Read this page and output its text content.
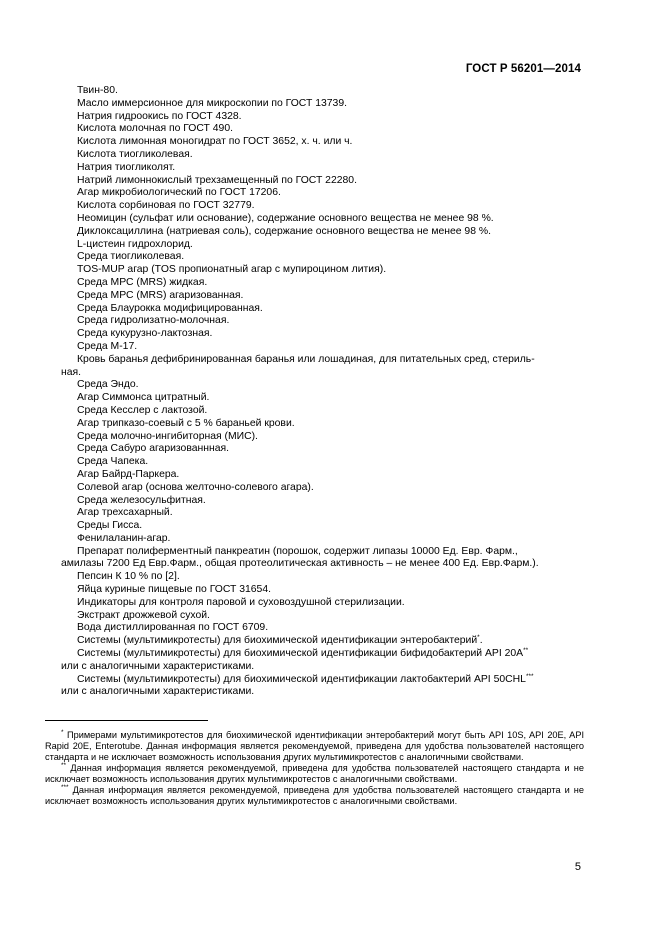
ГОСТ Р 56201—2014
Твин-80.
Масло иммерсионное для микроскопии по ГОСТ 13739.
Натрия гидроокись по ГОСТ 4328.
Кислота молочная по ГОСТ 490.
Кислота лимонная моногидрат по ГОСТ 3652, х. ч. или ч.
Кислота тиогликолевая.
Натрия тиогликолят.
Натрий лимоннокислый трехзамещенный по ГОСТ 22280.
Агар микробиологический по ГОСТ 17206.
Кислота сорбиновая по ГОСТ 32779.
Неомицин (сульфат или основание), содержание основного вещества не менее 98 %.
Диклоксациллина (натриевая соль), содержание основного вещества не менее 98 %.
L-цистеин гидрохлорид.
Среда тиогликолевая.
TOS-MUP агар (TOS пропионатный агар с мупироцином лития).
Среда МРС (MRS) жидкая.
Среда МРС (MRS) агаризованная.
Среда Блаурокка модифицированная.
Среда гидролизатно-молочная.
Среда кукурузно-лактозная.
Среда М-17.
Кровь баранья дефибринированная баранья или лошадиная, для питательных сред, стериль-
ная.
Среда Эндо.
Агар Симмонса цитратный.
Среда Кесслер с лактозой.
Агар трипказо-соевый с 5 % бараньей крови.
Среда молочно-ингибиторная (МИС).
Среда Сабуро агаризованнная.
Среда Чапека.
Агар Байрд-Паркера.
Солевой агар (основа желточно-солевого агара).
Среда железосульфитная.
Агар трехсахарный.
Среды Гисса.
Фенилаланин-агар.
Препарат полиферментный панкреатин (порошок, содержит липазы 10000 Ед. Евр. Фарм.,
амилазы 7200 Ед Евр.Фарм., общая протеолитическая активность – не менее 400 Ед. Евр.Фарм.).
Пепсин К 10 % по [2].
Яйца куриные пищевые по ГОСТ 31654.
Индикаторы для контроля паровой и суховоздушной стерилизации.
Экстракт дрожжевой сухой.
Вода дистиллированная по ГОСТ 6709.
Системы (мультимикротесты) для биохимической идентификации энтеробактерий*.
Системы (мультимикротесты) для биохимической идентификации бифидобактерий API 20A**
или с аналогичными характеристиками.
Системы (мультимикротесты) для биохимической идентификации лактобактерий API 50CHL***
или с аналогичными характеристиками.
* Примерами мультимикротестов для биохимической идентификации энтеробактерий могут быть API 10S, API 20E, API Rapid 20E, Enterotube. Данная информация является рекомендуемой, приведена для удобства пользователей настоящего стандарта и не исключает возможность использования других мультимикротестов с аналогичными свойствами.
** Данная информация является рекомендуемой, приведена для удобства пользователей настоящего стандарта и не исключает возможность использования других мультимикротестов с аналогичными свойствами.
*** Данная информация является рекомендуемой, приведена для удобства пользователей настоящего стандарта и не исключает возможность использования других мультимикротестов с аналогичными свойствами.
5
